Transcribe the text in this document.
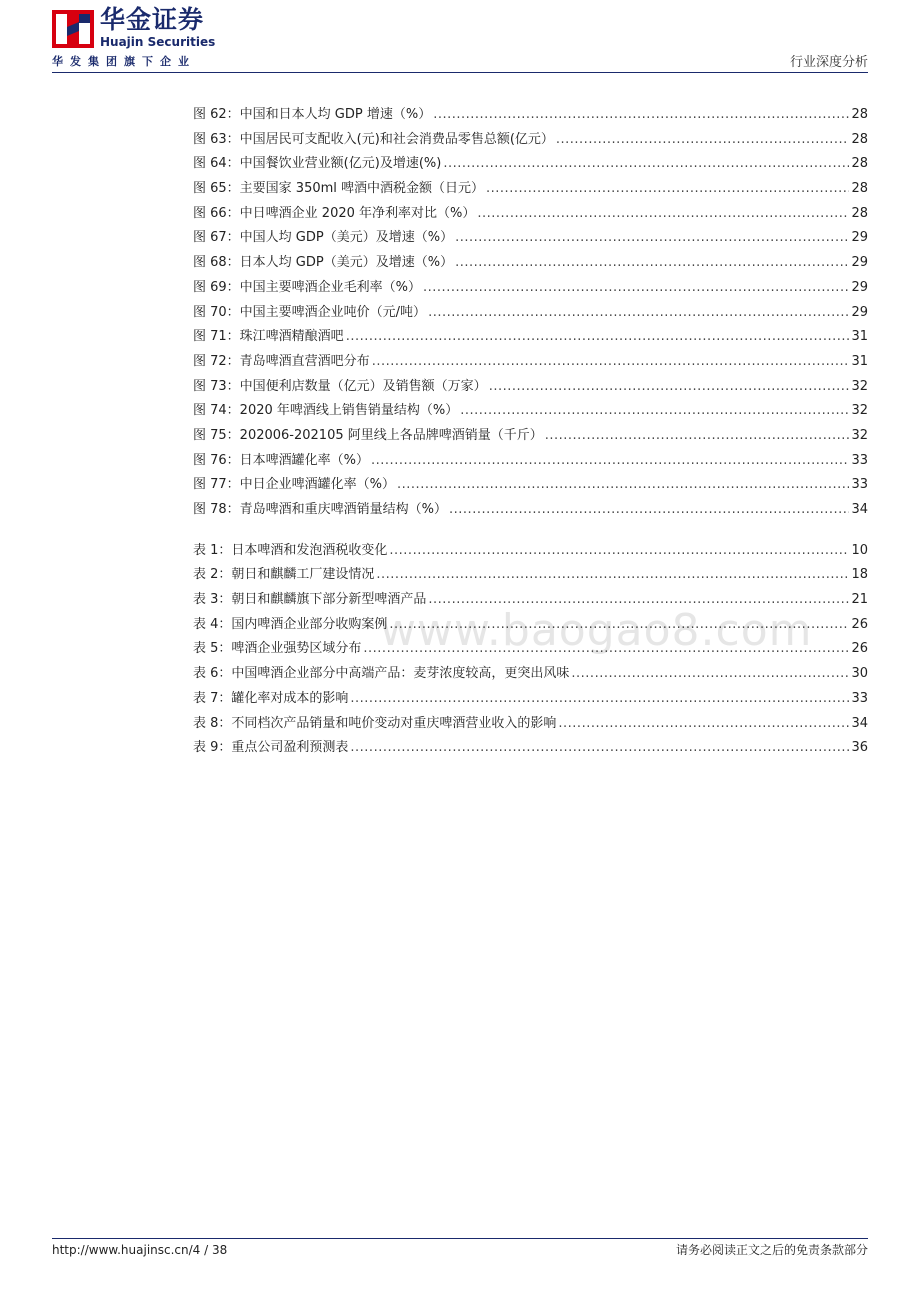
华金证券
Huajin Securities
华发集团旗下企业	行业深度分析
www.baogao8.com
图 62：中国和日本人均 GDP 增速（%） .....	28
图 63：中国居民可支配收入(元)和社会消费品零售总额(亿元） .....	28
图 64：中国餐饮业营业额(亿元)及增速(%) .....	28
图 65：主要国家 350ml 啤酒中酒税金额（日元） .....	28
图 66：中日啤酒企业 2020 年净利率对比（%） .....	28
图 67：中国人均 GDP（美元）及增速（%） .....	29
图 68：日本人均 GDP（美元）及增速（%） .....	29
图 69：中国主要啤酒企业毛利率（%） .....	29
图 70：中国主要啤酒企业吨价（元/吨） .....	29
图 71：珠江啤酒精酿酒吧 .....	31
图 72：青岛啤酒直营酒吧分布 .....	31
图 73：中国便利店数量（亿元）及销售额（万家） .....	32
图 74：2020 年啤酒线上销售销量结构（%） .....	32
图 75：202006-202105 阿里线上各品牌啤酒销量（千斤） .....	32
图 76：日本啤酒罐化率（%） .....	33
图 77：中日企业啤酒罐化率（%） .....	33
图 78：青岛啤酒和重庆啤酒销量结构（%） .....	34
表 1：日本啤酒和发泡酒税收变化 .....	10
表 2：朝日和麒麟工厂建设情况 .....	18
表 3：朝日和麒麟旗下部分新型啤酒产品 .....	21
表 4：国内啤酒企业部分收购案例 .....	26
表 5：啤酒企业强势区域分布 .....	26
表 6：中国啤酒企业部分中高端产品：麦芽浓度较高，更突出风味 .....	30
表 7：罐化率对成本的影响 .....	33
表 8：不同档次产品销量和吨价变动对重庆啤酒营业收入的影响 .....	34
表 9：重点公司盈利预测表 .....	36
http://www.huajinsc.cn/4 / 38	请务必阅读正文之后的免责条款部分
